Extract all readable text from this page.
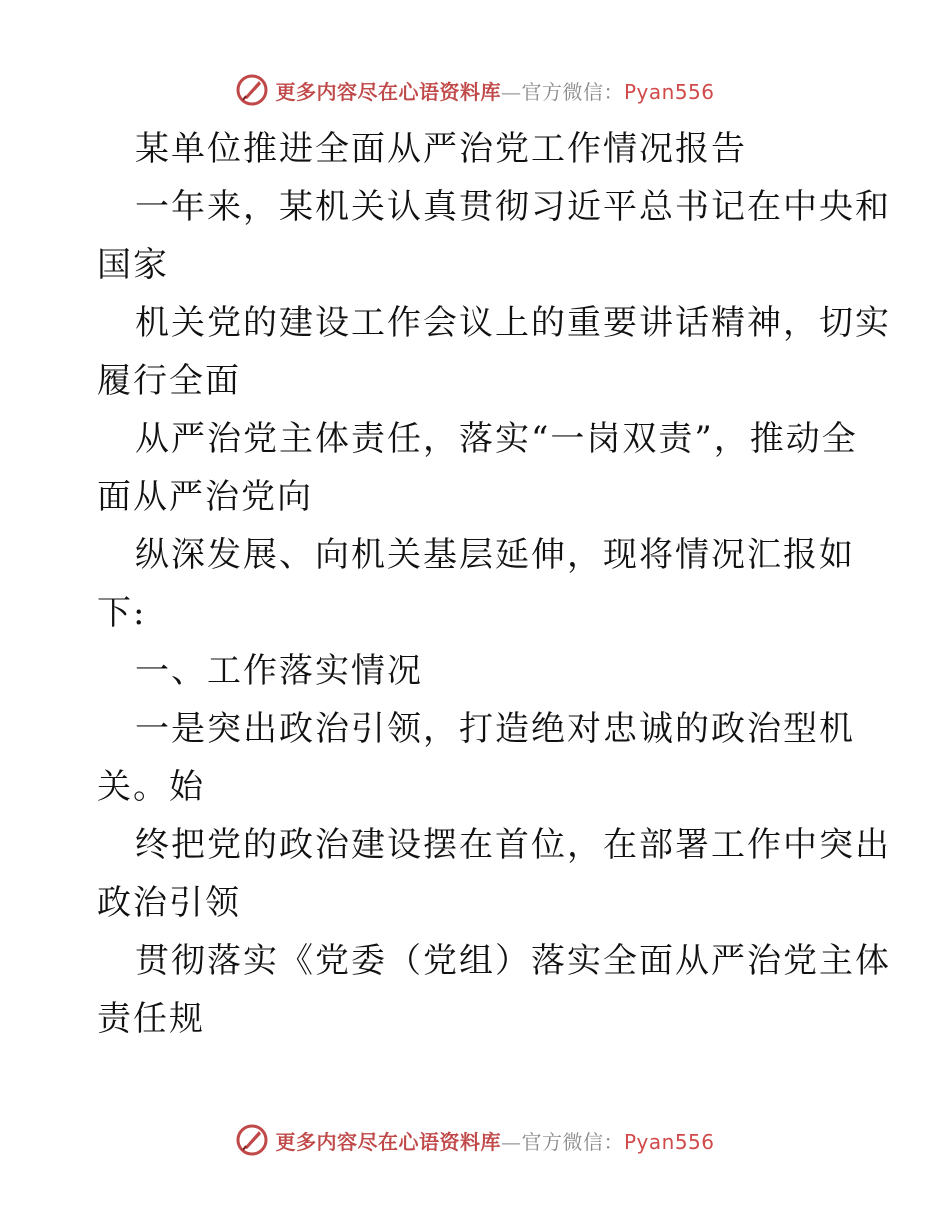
更多内容尽在心语资料库—官方微信：Pyan556
某单位推进全面从严治党工作情况报告
一年来，某机关认真贯彻习近平总书记在中央和
国家
机关党的建设工作会议上的重要讲话精神，切实
履行全面
从严治党主体责任，落实“一岗双责”，推动全
面从严治党向
纵深发展、向机关基层延伸，现将情况汇报如
下:
一、工作落实情况
一是突出政治引领，打造绝对忠诚的政治型机
关。始
终把党的政治建设摆在首位，在部署工作中突出
政治引领
贯彻落实《党委（党组）落实全面从严治党主体
责任规
更多内容尽在心语资料库—官方微信：Pyan556
